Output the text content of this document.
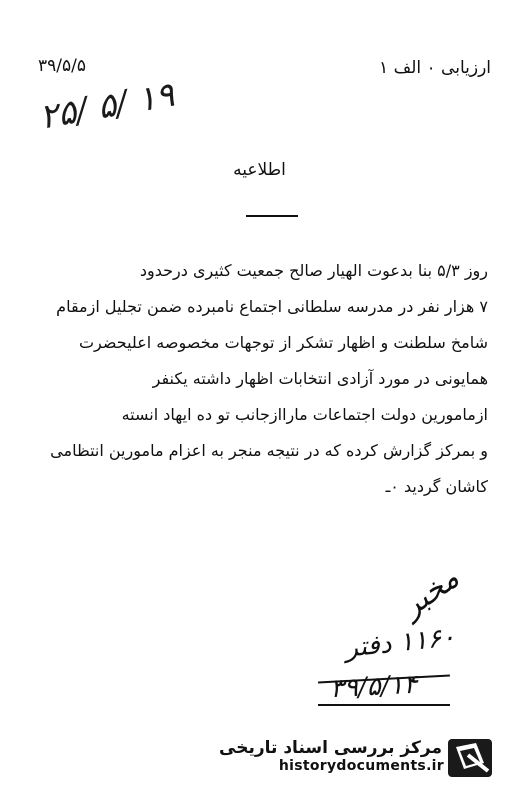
۳۹/۵/۵	ارزیابی ۰ الف ۱
۱۹ /۵ /۲۵
اطلاعیه
روز ۵/۳ بنا بدعوت الهیار صالح جمعیت کثیری درحدود
۷ هزار نفر در مدرسه سلطانی اجتماع نامبرده ضمن تجلیل ازمقام
شامخ سلطنت و اظهار تشکر از توجهات مخصوصه اعلیحضرت
همایونی در مورد آزادی انتخابات اظهار داشته یکنفر
ازمامورین دولت اجتماعات ماراازجانب تو ده ایهاد انسته
و بمرکز گزارش کرده که در نتیجه منجر به اعزام مامورین انتظامی
کاشان گردید ۰ـ
مخبر
۱۱۶۰ دفتر
۳۹/۵/۱۴
مرکز بررسی اسناد تاریخی
historydocuments.ir
